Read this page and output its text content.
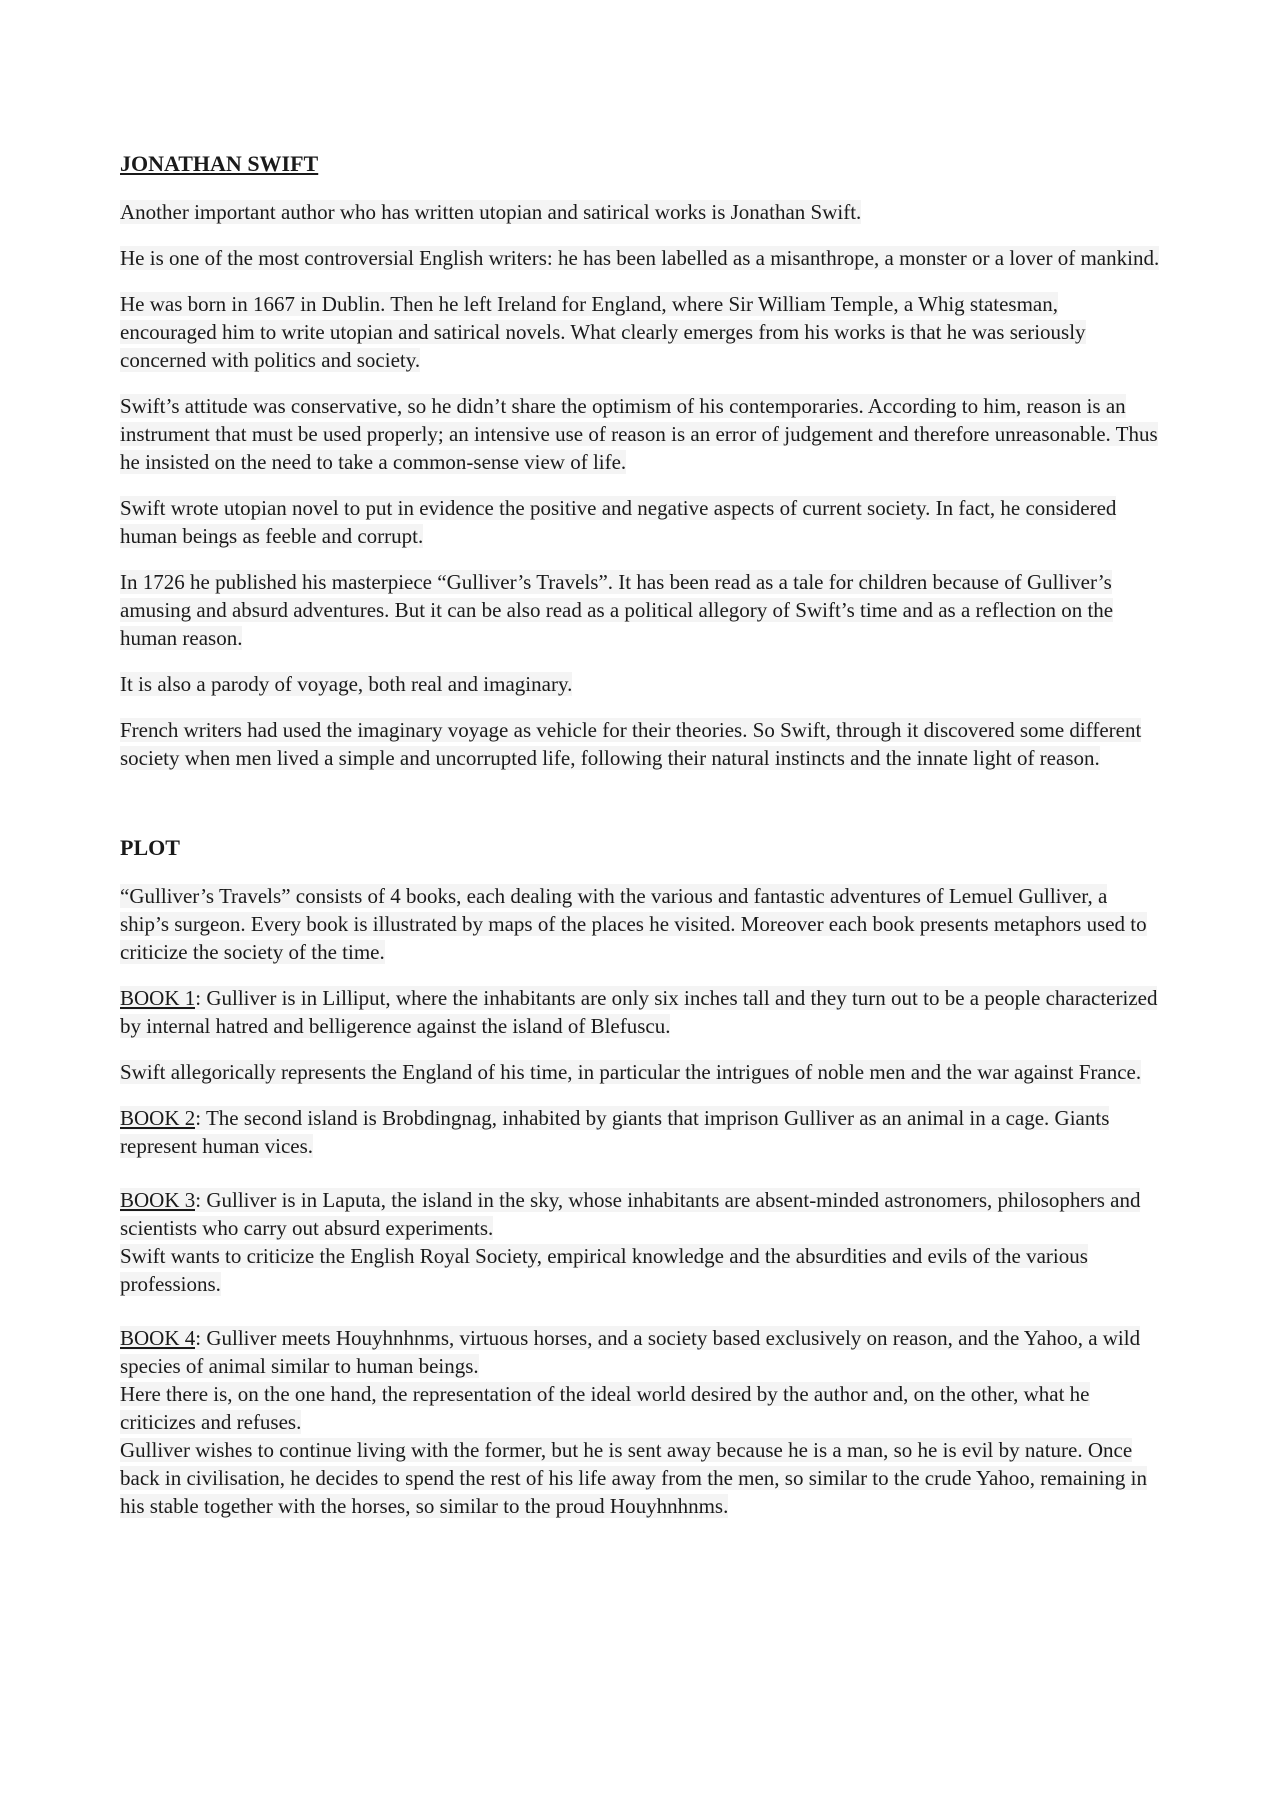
JONATHAN SWIFT

Another important author who has written utopian and satirical works is Jonathan Swift.

He is one of the most controversial English writers: he has been labelled as a misanthrope, a monster or a lover of mankind.

He was born in 1667 in Dublin. Then he left Ireland for England, where Sir William Temple, a Whig statesman, encouraged him to write utopian and satirical novels. What clearly emerges from his works is that he was seriously concerned with politics and society.

Swift’s attitude was conservative, so he didn’t share the optimism of his contemporaries. According to him, reason is an instrument that must be used properly; an intensive use of reason is an error of judgement and therefore unreasonable. Thus he insisted on the need to take a common-sense view of life.

Swift wrote utopian novel to put in evidence the positive and negative aspects of current society. In fact, he considered human beings as feeble and corrupt.

In 1726 he published his masterpiece “Gulliver’s Travels”. It has been read as a tale for children because of Gulliver’s amusing and absurd adventures. But it can be also read as a political allegory of Swift’s time and as a reflection on the human reason.

It is also a parody of voyage, both real and imaginary.

French writers had used the imaginary voyage as vehicle for their theories. So Swift, through it discovered some different society when men lived a simple and uncorrupted life, following their natural instincts and the innate light of reason.

PLOT

“Gulliver’s Travels” consists of 4 books, each dealing with the various and fantastic adventures of Lemuel Gulliver, a ship’s surgeon. Every book is illustrated by maps of the places he visited. Moreover each book presents metaphors used to criticize the society of the time.

BOOK 1: Gulliver is in Lilliput, where the inhabitants are only six inches tall and they turn out to be a people characterized by internal hatred and belligerence against the island of Blefuscu.

Swift allegorically represents the England of his time, in particular the intrigues of noble men and the war against France.

BOOK 2: The second island is Brobdingnag, inhabited by giants that imprison Gulliver as an animal in a cage. Giants represent human vices.

BOOK 3: Gulliver is in Laputa, the island in the sky, whose inhabitants are absent-minded astronomers, philosophers and scientists who carry out absurd experiments.

Swift wants to criticize the English Royal Society, empirical knowledge and the absurdities and evils of the various professions.

BOOK 4: Gulliver meets Houyhnhnms, virtuous horses, and a society based exclusively on reason, and the Yahoo, a wild species of animal similar to human beings.

Here there is, on the one hand, the representation of the ideal world desired by the author and, on the other, what he criticizes and refuses.

Gulliver wishes to continue living with the former, but he is sent away because he is a man, so he is evil by nature. Once back in civilisation, he decides to spend the rest of his life away from the men, so similar to the crude Yahoo, remaining in his stable together with the horses, so similar to the proud Houyhnhnms.
